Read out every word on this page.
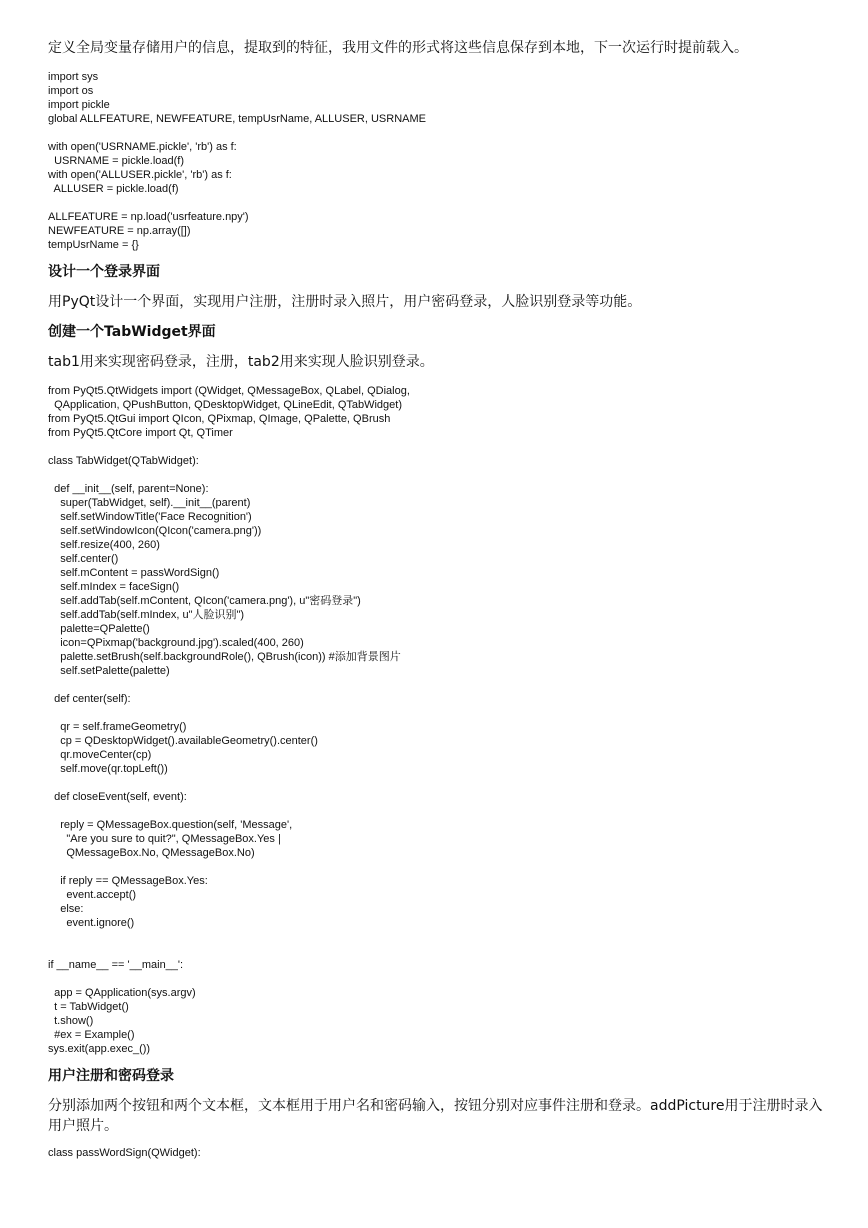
定义全局变量存储用户的信息，提取到的特征，我用文件的形式将这些信息保存到本地，下一次运行时提前载入。

import sys
import os
import pickle
global ALLFEATURE, NEWFEATURE, tempUsrName, ALLUSER, USRNAME

with open('USRNAME.pickle', 'rb') as f:
USRNAME = pickle.load(f)
with open('ALLUSER.pickle', 'rb') as f:
ALLUSER = pickle.load(f)

ALLFEATURE = np.load('usrfeature.npy')
NEWFEATURE = np.array([])
tempUsrName = {}
设计一个登录界面

用PyQt设计一个界面，实现用户注册，注册时录入照片，用户密码登录，人脸识别登录等功能。

创建一个TabWidget界面

tab1用来实现密码登录，注册，tab2用来实现人脸识别登录。

from PyQt5.QtWidgets import (QWidget, QMessageBox, QLabel, QDialog,
QApplication, QPushButton, QDesktopWidget, QLineEdit, QTabWidget)
from PyQt5.QtGui import QIcon, QPixmap, QImage, QPalette, QBrush
from PyQt5.QtCore import Qt, QTimer

class TabWidget(QTabWidget):

def __init__(self, parent=None):
super(TabWidget, self).__init__(parent)
self.setWindowTitle('Face Recognition')
self.setWindowIcon(QIcon('camera.png'))
self.resize(400, 260)
self.center()
self.mContent = passWordSign()
self.mIndex = faceSign()
self.addTab(self.mContent, QIcon('camera.png'), u"密码登录")
self.addTab(self.mIndex, u"人脸识别")
palette=QPalette()
icon=QPixmap('background.jpg').scaled(400, 260)
palette.setBrush(self.backgroundRole(), QBrush(icon)) #添加背景图片
self.setPalette(palette)

def center(self):

qr = self.frameGeometry()
cp = QDesktopWidget().availableGeometry().center()
qr.moveCenter(cp)
self.move(qr.topLeft())

def closeEvent(self, event):

reply = QMessageBox.question(self, 'Message',
"Are you sure to quit?", QMessageBox.Yes |
QMessageBox.No, QMessageBox.No)

if reply == QMessageBox.Yes:
event.accept()
else:
event.ignore()

if __name__ == '__main__':

app = QApplication(sys.argv)
t = TabWidget()
t.show()
#ex = Example()
sys.exit(app.exec_())
用户注册和密码登录

分别添加两个按钮和两个文本框，文本框用于用户名和密码输入，按钮分别对应事件注册和登录。addPicture用于注册时录入用户照片。

class passWordSign(QWidget):
